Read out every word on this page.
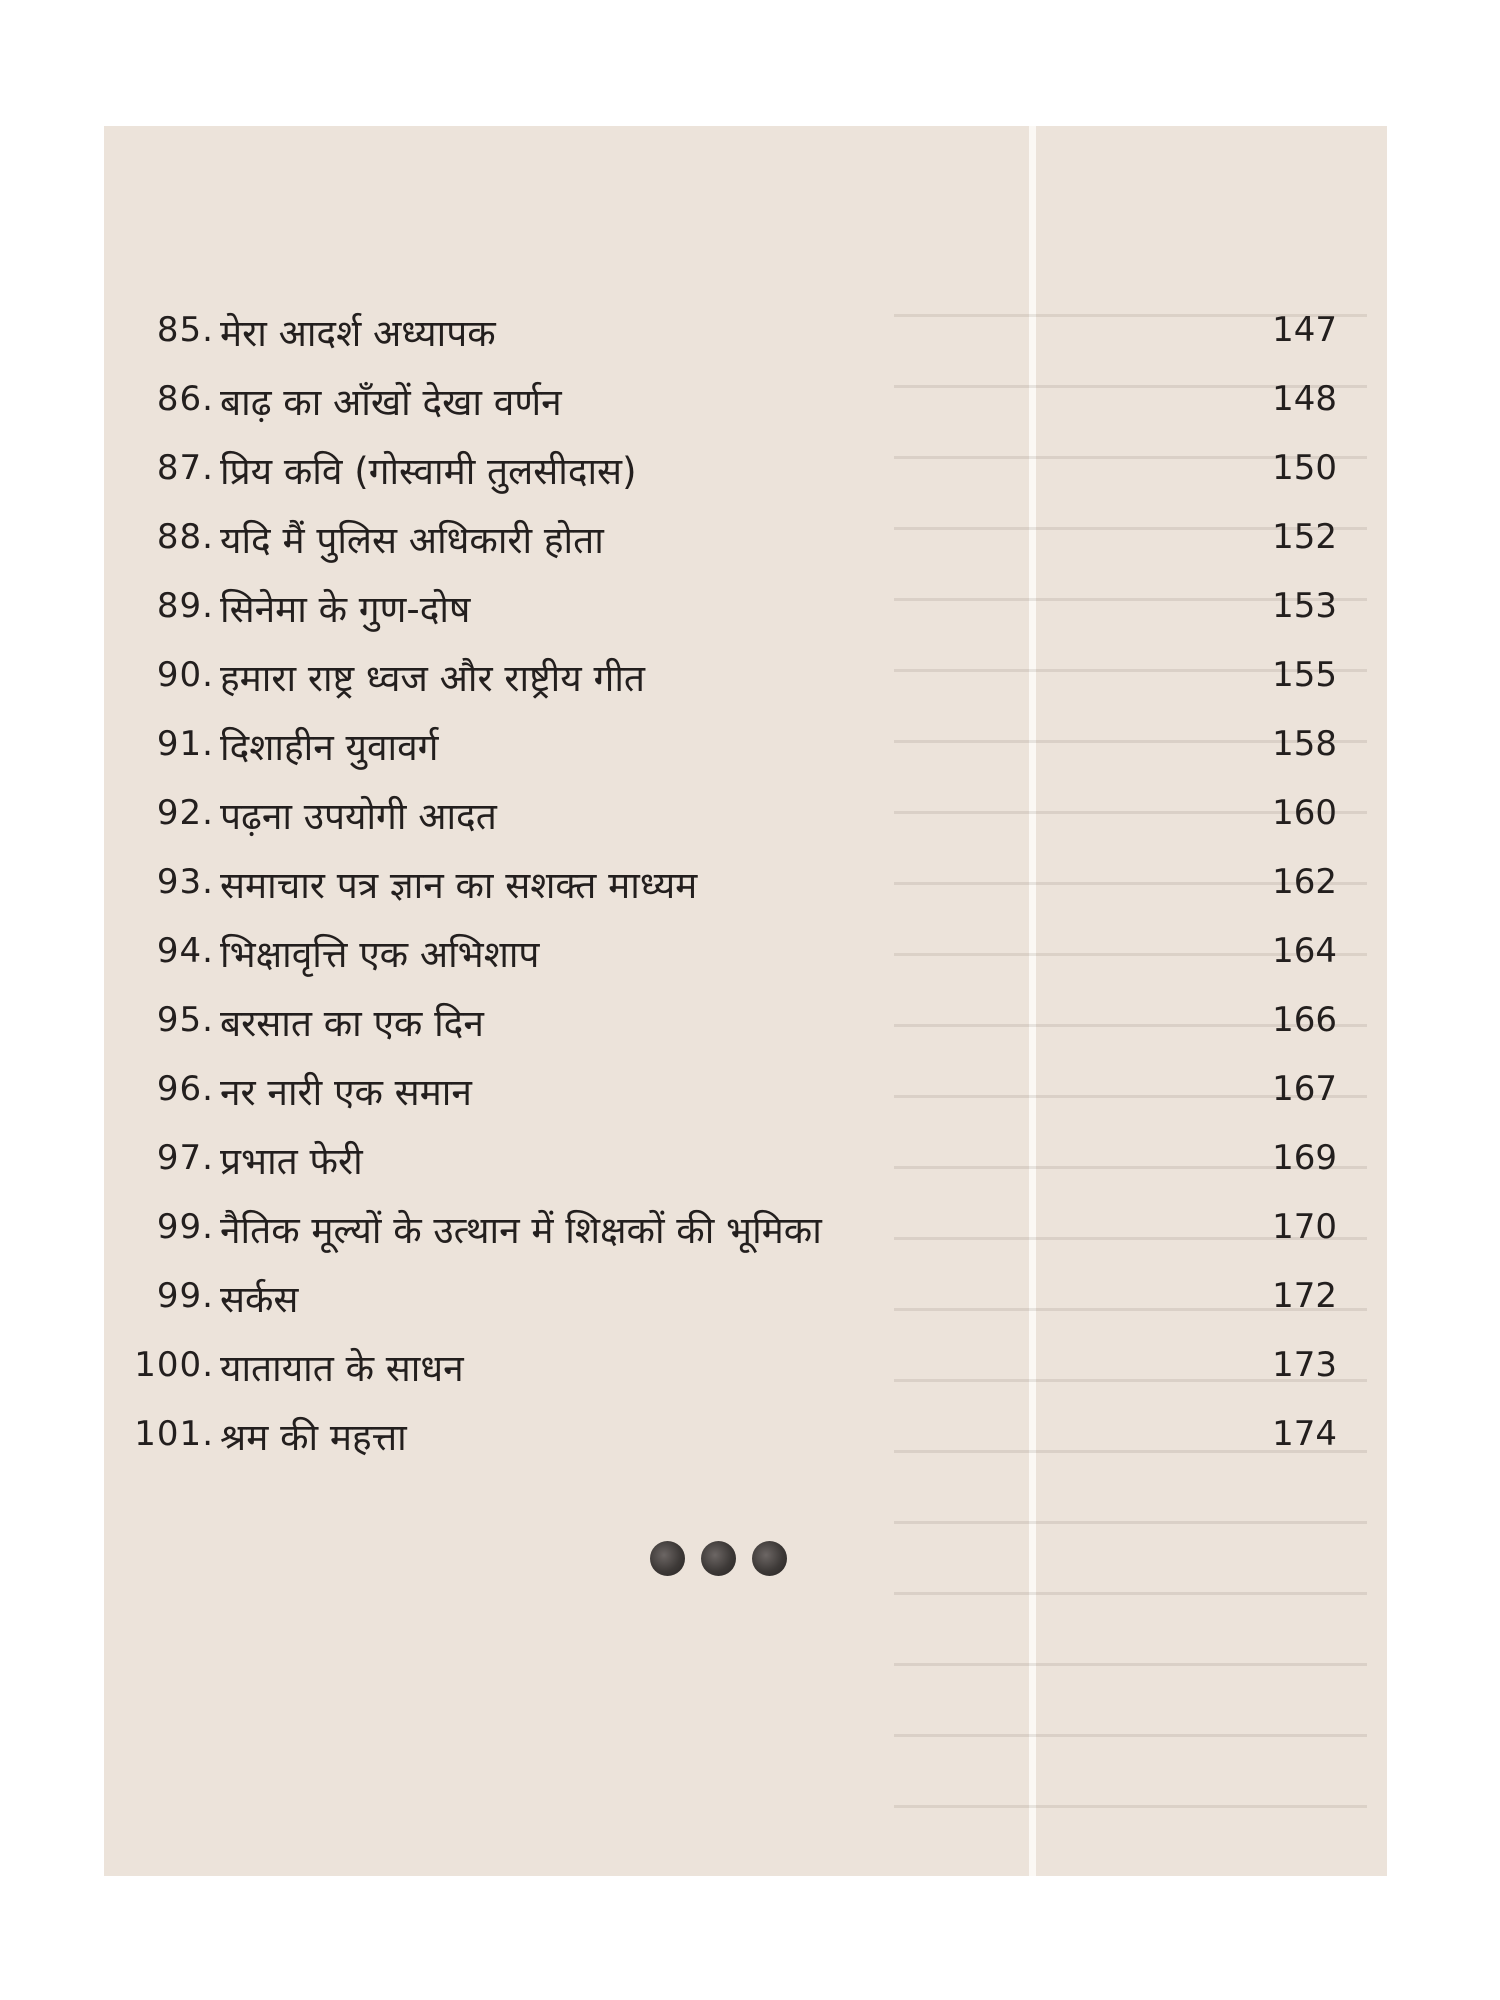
85. मेरा आदर्श अध्यापक	147
86. बाढ़ का आँखों देखा वर्णन	148
87. प्रिय कवि (गोस्वामी तुलसीदास)	150
88. यदि मैं पुलिस अधिकारी होता	152
89. सिनेमा के गुण-दोष	153
90. हमारा राष्ट्र ध्वज और राष्ट्रीय गीत	155
91. दिशाहीन युवावर्ग	158
92. पढ़ना उपयोगी आदत	160
93. समाचार पत्र ज्ञान का सशक्त माध्यम	162
94. भिक्षावृत्ति एक अभिशाप	164
95. बरसात का एक दिन	166
96. नर नारी एक समान	167
97. प्रभात फेरी	169
99. नैतिक मूल्यों के उत्थान में शिक्षकों की भूमिका	170
99. सर्कस	172
100. यातायात के साधन	173
101. श्रम की महत्ता	174
